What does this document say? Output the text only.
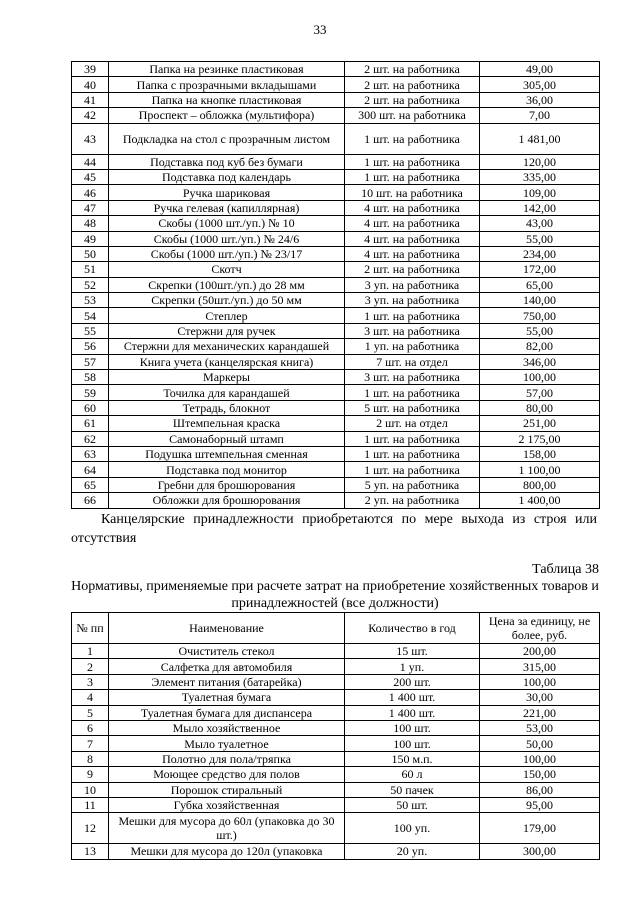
33
39	Папка на резинке пластиковая	2 шт. на работника	49,00
40	Папка с прозрачными вкладышами	2 шт. на работника	305,00
41	Папка на кнопке пластиковая	2 шт. на работника	36,00
42	Проспект – обложка (мультифора)	300 шт. на работника	7,00
43	Подкладка на стол с прозрачным листом	1 шт. на работника	1 481,00
44	Подставка под куб без бумаги	1 шт. на работника	120,00
45	Подставка под календарь	1 шт. на работника	335,00
46	Ручка шариковая	10 шт. на работника	109,00
47	Ручка гелевая (капиллярная)	4 шт. на работника	142,00
48	Скобы (1000 шт./уп.) № 10	4 шт. на работника	43,00
49	Скобы (1000 шт./уп.) № 24/6	4 шт. на работника	55,00
50	Скобы (1000 шт./уп.) № 23/17	4 шт. на работника	234,00
51	Скотч	2 шт. на работника	172,00
52	Скрепки (100шт./уп.) до 28 мм	3 уп. на работника	65,00
53	Скрепки (50шт./уп.) до 50 мм	3 уп. на работника	140,00
54	Степлер	1 шт. на работника	750,00
55	Стержни для ручек	3 шт. на работника	55,00
56	Стержни для механических карандашей	1 уп. на работника	82,00
57	Книга учета (канцелярская книга)	7 шт. на отдел	346,00
58	Маркеры	3 шт. на работника	100,00
59	Точилка для карандашей	1 шт. на работника	57,00
60	Тетрадь, блокнот	5 шт. на работника	80,00
61	Штемпельная краска	2 шт. на отдел	251,00
62	Самонаборный штамп	1 шт. на работника	2 175,00
63	Подушка штемпельная сменная	1 шт. на работника	158,00
64	Подставка под монитор	1 шт. на работника	1 100,00
65	Гребни для брошюрования	5 уп. на работника	800,00
66	Обложки для брошюрования	2 уп. на работника	1 400,00
Канцелярские принадлежности приобретаются по мере выхода из строя или отсутствия
Таблица 38
Нормативы, применяемые при расчете затрат на приобретение хозяйственных товаров и принадлежностей (все должности)
№ пп	Наименование	Количество в год	Цена за единицу, не более, руб.
1	Очиститель стекол	15 шт.	200,00
2	Салфетка для автомобиля	1 уп.	315,00
3	Элемент питания (батарейка)	200 шт.	100,00
4	Туалетная бумага	1 400 шт.	30,00
5	Туалетная бумага для диспансера	1 400 шт.	221,00
6	Мыло хозяйственное	100 шт.	53,00
7	Мыло туалетное	100 шт.	50,00
8	Полотно для пола/тряпка	150 м.п.	100,00
9	Моющее средство для полов	60 л	150,00
10	Порошок стиральный	50 пачек	86,00
11	Губка хозяйственная	50 шт.	95,00
12	Мешки для мусора до 60л (упаковка до 30 шт.)	100 уп.	179,00
13	Мешки для мусора до 120л (упаковка	20 уп.	300,00
